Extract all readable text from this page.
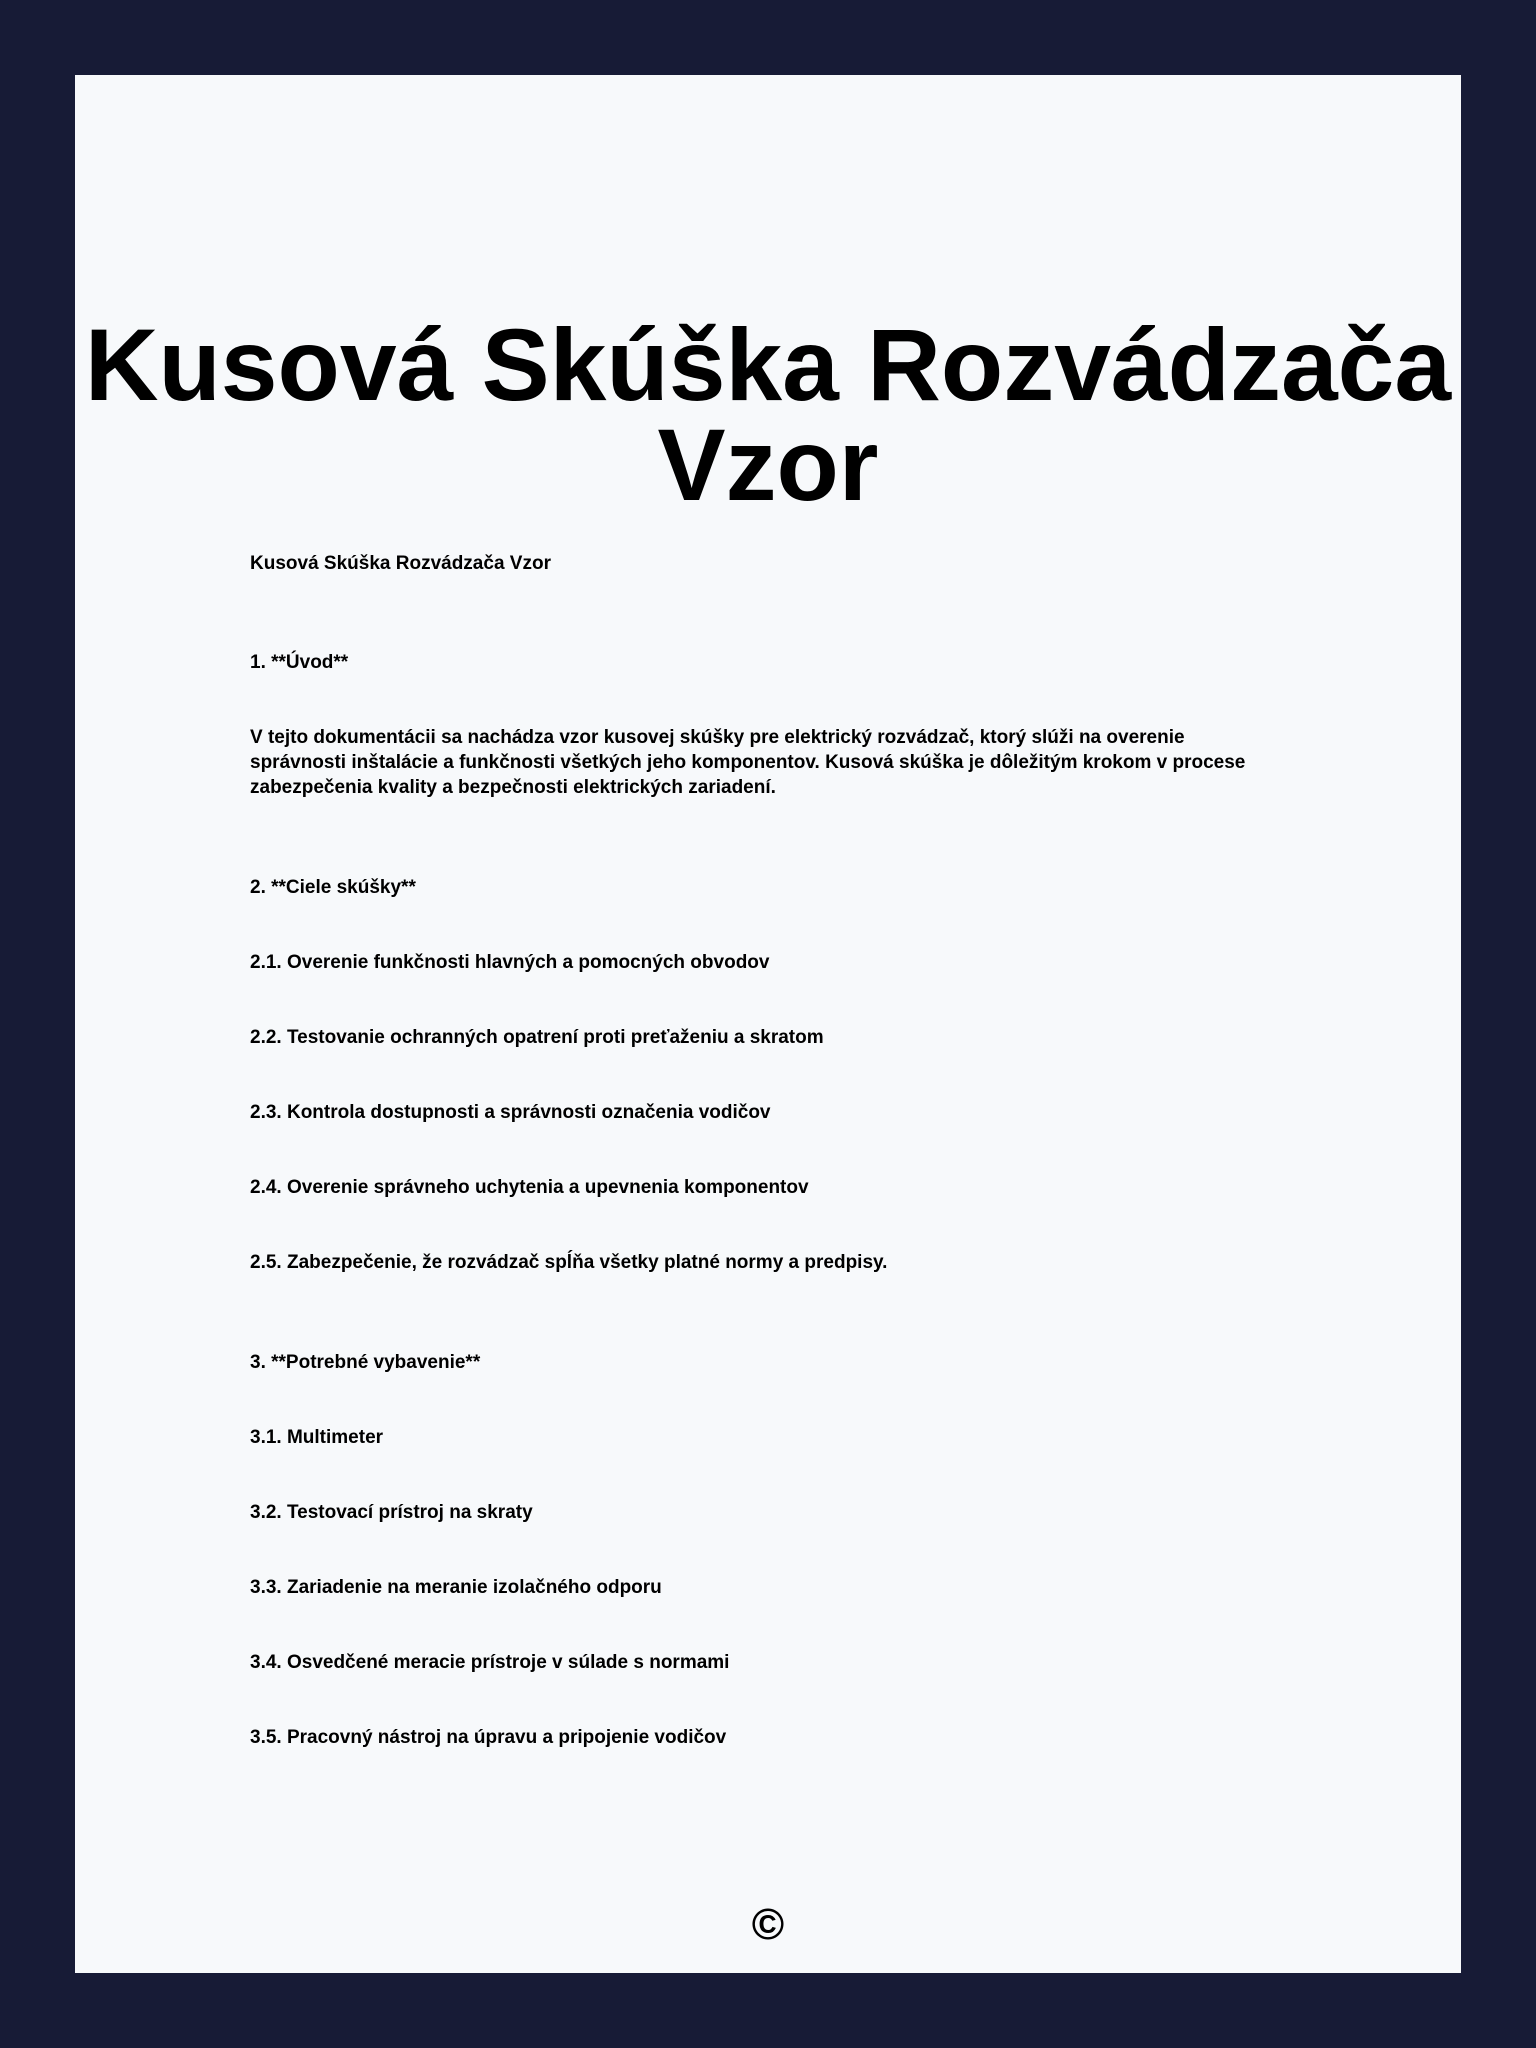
Kusová Skúška Rozvádzača Vzor

Kusová Skúška Rozvádzača Vzor

1. **Úvod**

V tejto dokumentácii sa nachádza vzor kusovej skúšky pre elektrický rozvádzač, ktorý slúži na overenie správnosti inštalácie a funkčnosti všetkých jeho komponentov. Kusová skúška je dôležitým krokom v procese zabezpečenia kvality a bezpečnosti elektrických zariadení.

2. **Ciele skúšky**

2.1. Overenie funkčnosti hlavných a pomocných obvodov

2.2. Testovanie ochranných opatrení proti preťaženiu a skratom

2.3. Kontrola dostupnosti a správnosti označenia vodičov

2.4. Overenie správneho uchytenia a upevnenia komponentov

2.5. Zabezpečenie, že rozvádzač spĺňa všetky platné normy a predpisy.

3. **Potrebné vybavenie**

3.1. Multimeter

3.2. Testovací prístroj na skraty

3.3. Zariadenie na meranie izolačného odporu

3.4. Osvedčené meracie prístroje v súlade s normami

3.5. Pracovný nástroj na úpravu a pripojenie vodičov

©
